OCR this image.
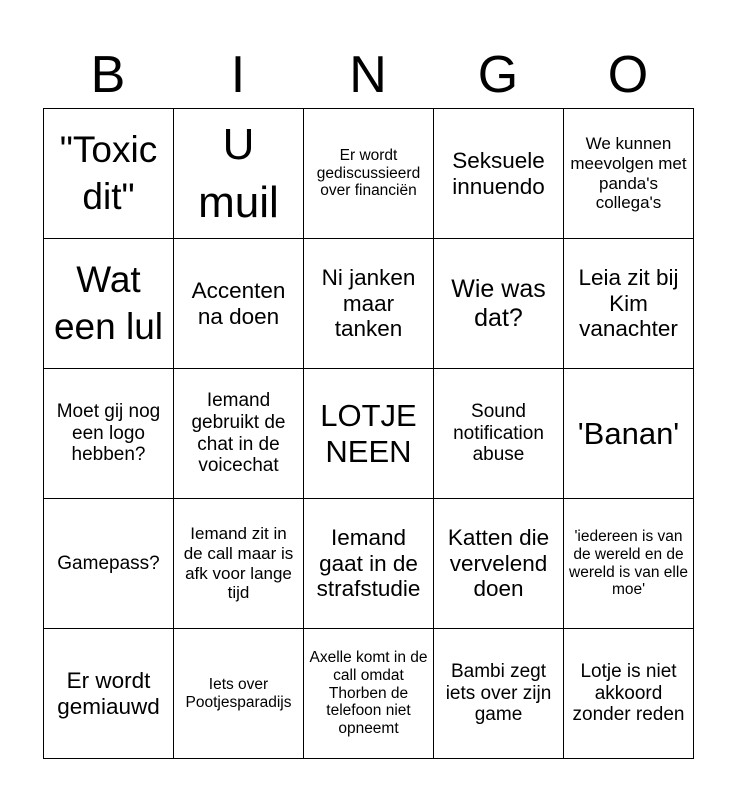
B	I	N	G	O
"Toxic dit"	U muil	Er wordt gediscussieerd over financiën	Seksuele innuendo	We kunnen meevolgen met panda's collega's
Wat een lul	Accenten na doen	Ni janken maar tanken	Wie was dat?	Leia zit bij Kim vanachter
Moet gij nog een logo hebben?	Iemand gebruikt de chat in de voicechat	LOTJE NEEN	Sound notification abuse	'Banan'
Gamepass?	Iemand zit in de call maar is afk voor lange tijd	Iemand gaat in de strafstudie	Katten die vervelend doen	'iedereen is van de wereld en de wereld is van elle moe'
Er wordt gemiauwd	Iets over Pootjesparadijs	Axelle komt in de call omdat Thorben de telefoon niet opneemt	Bambi zegt iets over zijn game	Lotje is niet akkoord zonder reden
